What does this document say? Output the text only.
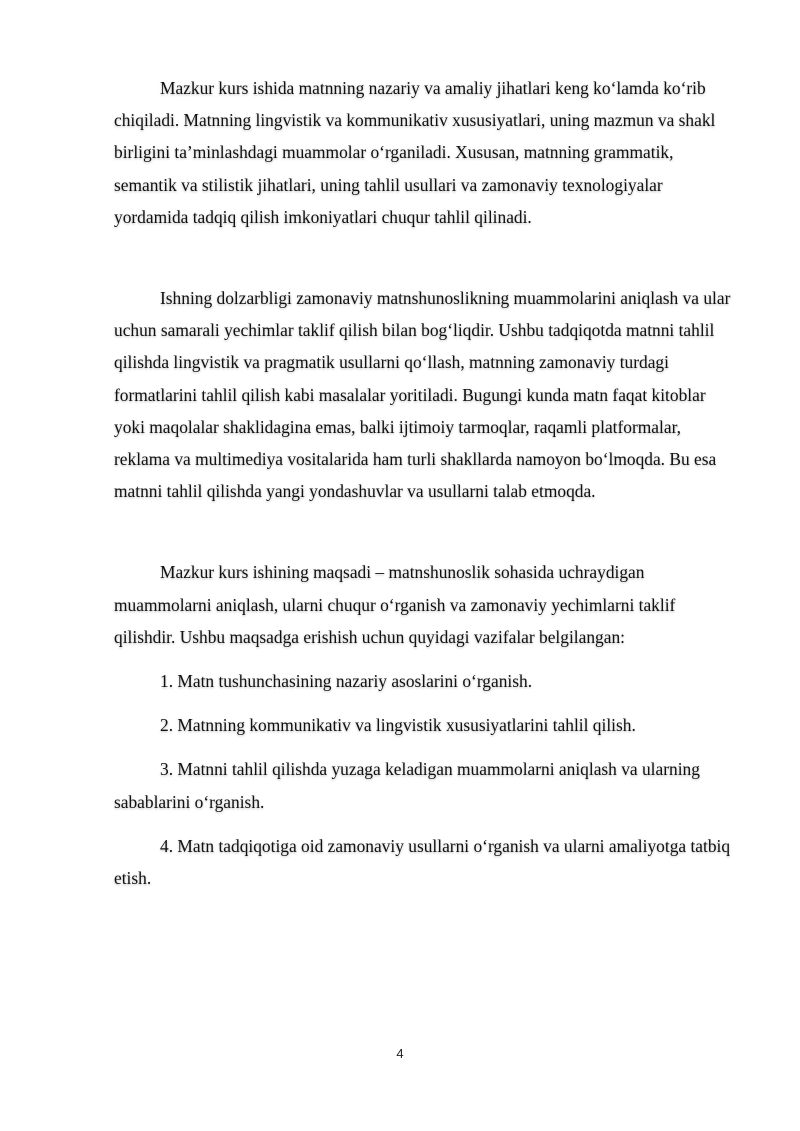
Mazkur kurs ishida matnning nazariy va amaliy jihatlari keng ko‘lamda ko‘rib chiqiladi. Matnning lingvistik va kommunikativ xususiyatlari, uning mazmun va shakl birligini ta’minlashdagi muammolar o‘rganiladi. Xususan, matnning grammatik, semantik va stilistik jihatlari, uning tahlil usullari va zamonaviy texnologiyalar yordamida tadqiq qilish imkoniyatlari chuqur tahlil qilinadi.

Ishning dolzarbligi zamonaviy matnshunoslikning muammolarini aniqlash va ular uchun samarali yechimlar taklif qilish bilan bog‘liqdir. Ushbu tadqiqotda matnni tahlil qilishda lingvistik va pragmatik usullarni qo‘llash, matnning zamonaviy turdagi formatlarini tahlil qilish kabi masalalar yoritiladi. Bugungi kunda matn faqat kitoblar yoki maqolalar shaklidagina emas, balki ijtimoiy tarmoqlar, raqamli platformalar, reklama va multimediya vositalarida ham turli shakllarda namoyon bo‘lmoqda. Bu esa matnni tahlil qilishda yangi yondashuvlar va usullarni talab etmoqda.

Mazkur kurs ishining maqsadi – matnshunoslik sohasida uchraydigan muammolarni aniqlash, ularni chuqur o‘rganish va zamonaviy yechimlarni taklif qilishdir. Ushbu maqsadga erishish uchun quyidagi vazifalar belgilangan:

1. Matn tushunchasining nazariy asoslarini o‘rganish.

2. Matnning kommunikativ va lingvistik xususiyatlarini tahlil qilish.

3. Matnni tahlil qilishda yuzaga keladigan muammolarni aniqlash va ularning sabablarini o‘rganish.

4. Matn tadqiqotiga oid zamonaviy usullarni o‘rganish va ularni amaliyotga tatbiq etish.

4
